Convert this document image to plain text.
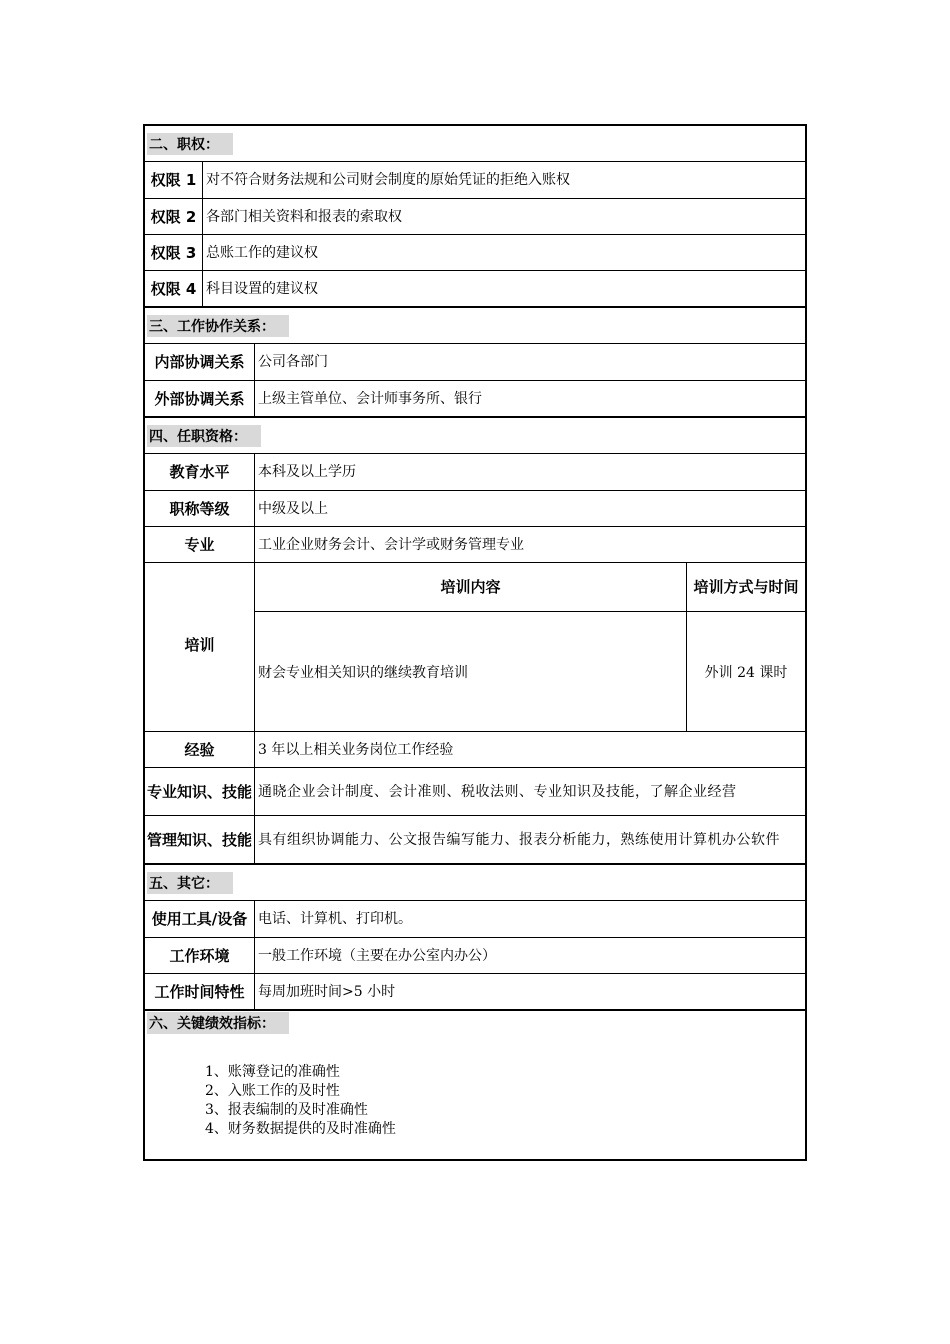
二、职权：
权限 1 对不符合财务法规和公司财会制度的原始凭证的拒绝入账权
权限 2 各部门相关资料和报表的索取权
权限 3 总账工作的建议权
权限 4 科目设置的建议权
三、工作协作关系：
内部协调关系 公司各部门
外部协调关系 上级主管单位、会计师事务所、银行
四、任职资格：
教育水平	本科及以上学历
职称等级	中级及以上
专业	工业企业财务会计、会计学或财务管理专业
培训
培训内容	培训方式与时间
财会专业相关知识的继续教育培训	外训 24 课时
经验	3 年以上相关业务岗位工作经验
专业知识、技能 通晓企业会计制度、会计准则、税收法则、专业知识及技能，了解企业经营
管理知识、技能 具有组织协调能力、公文报告编写能力、报表分析能力，熟练使用计算机办公软件
五、其它：
使用工具/设备 电话、计算机、打印机。
工作环境	一般工作环境（主要在办公室内办公）
工作时间特性 每周加班时间>5 小时
六、关键绩效指标：
1、账簿登记的准确性
2、入账工作的及时性
3、报表编制的及时准确性
4、财务数据提供的及时准确性
